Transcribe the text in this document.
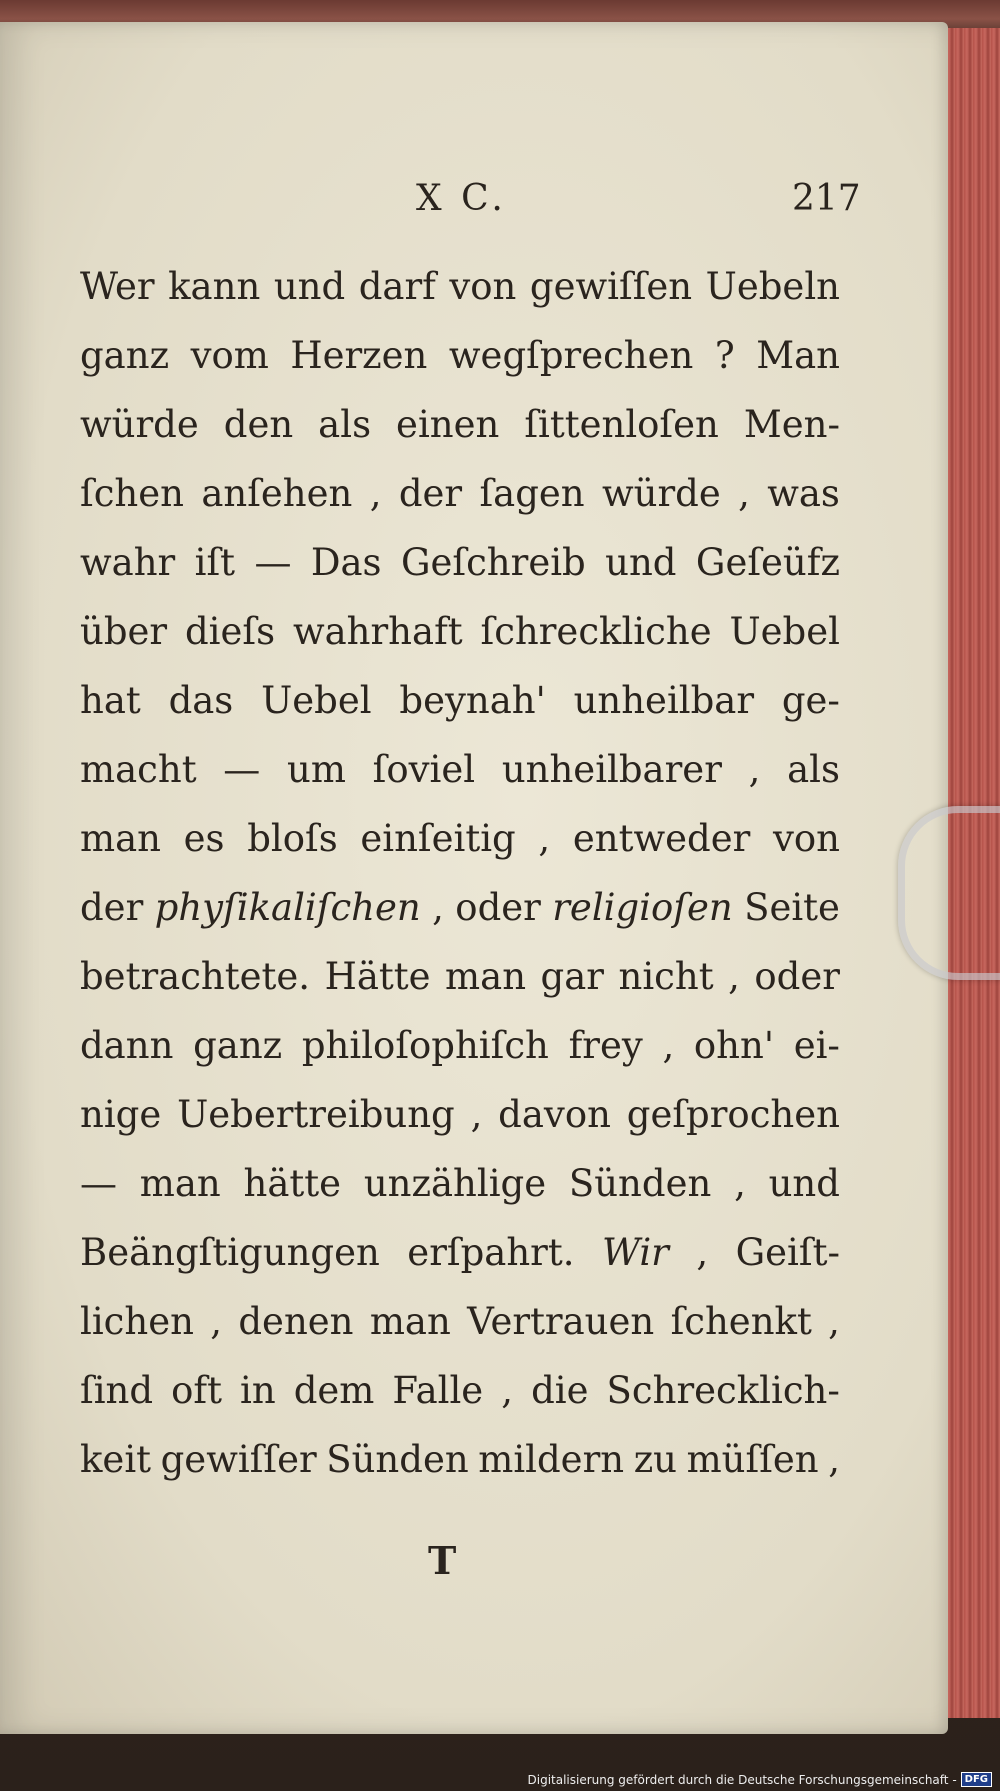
X C.	217
Wer kann und darf von gewiſſen Uebeln
ganz vom Herzen wegſprechen ? Man
würde den als einen ſittenloſen Men-
ſchen anſehen , der ſagen würde , was
wahr iſt — Das Geſchreib und Geſeüfz
über dieſs wahrhaft ſchreckliche Uebel
hat das Uebel beynah' unheilbar ge-
macht — um ſoviel unheilbarer , als
man es bloſs einſeitig , entweder von
der phyſikaliſchen , oder religioſen Seite
betrachtete. Hätte man gar nicht , oder
dann ganz philoſophiſch frey , ohn' ei-
nige Uebertreibung , davon geſprochen
— man hätte unzählige Sünden , und
Beängſtigungen erſpahrt. Wir , Geiſt-
lichen , denen man Vertrauen ſchenkt ,
ſind oft in dem Falle , die Schrecklich-
keit gewiſſer Sünden mildern zu müſſen ,
T
Digitalisierung gefördert durch die Deutsche Forschungsgemeinschaft - DFG
